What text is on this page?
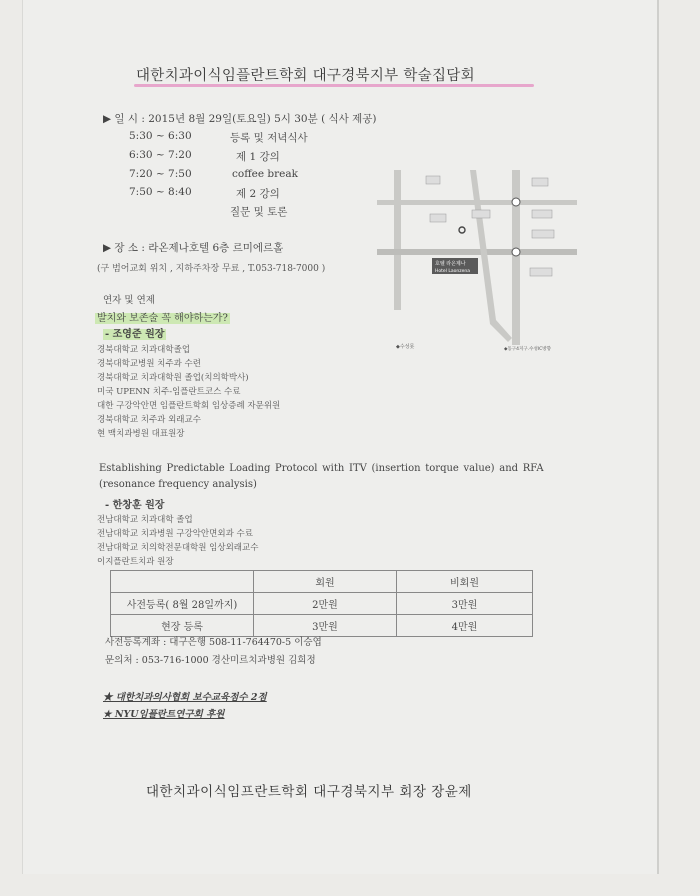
대한치과이식임플란트학회 대구경북지부 학술집담회
▶ 일 시 : 2015년 8월 29일(토요일) 5시 30분 ( 식사 제공)
5:30 ~ 6:30	등록 및 저녁식사
6:30 ~ 7:20	제 1 강의
7:20 ~ 7:50	coffee break
7:50 ~ 8:40	제 2 강의
질문 및 토론
▶ 장 소 : 라온제나호텔 6층 르미에르홀
(구 범어교회 위치 , 지하주차장 무료 , T.053-718-7000 )	호텔 라온제나
Hotel Laonzena
◆수성못	◆동구4지구.수성IC방향
연자 및 연제
발치와 보존술 꼭 해야하는가?
- 조영준 원장
경북대학교 치과대학졸업
경북대학교병원 치주과 수련
경북대학교 치과대학원 졸업(치의학박사)
미국 UPENN 치주-임플란트코스 수료
대한 구강악안면 임플란트학회 임상증례 자문위원
경북대학교 치주과 외래교수
현 맥치과병원 대표원장
Establishing Predictable Loading Protocol with ITV (insertion torque value) and RFA
(resonance frequency analysis)
- 한창훈 원장
전남대학교 치과대학 졸업
전남대학교 치과병원 구강악안면외과 수료
전남대학교 치의학전문대학원 임상외래교수
이지플란트치과 원장
	회원	비회원
사전등록( 8월 28일까지)	2만원	3만원
현장 등록	3만원	4만원
사전등록계좌 : 대구은행 508-11-764470-5 이승엽
문의처 : 053-716-1000 경산미르치과병원 김희정
★ 대한치과의사협회 보수교육점수 2점
★ NYU임플란트연구회 후원
대한치과이식임프란트학회 대구경북지부 회장 장윤제
